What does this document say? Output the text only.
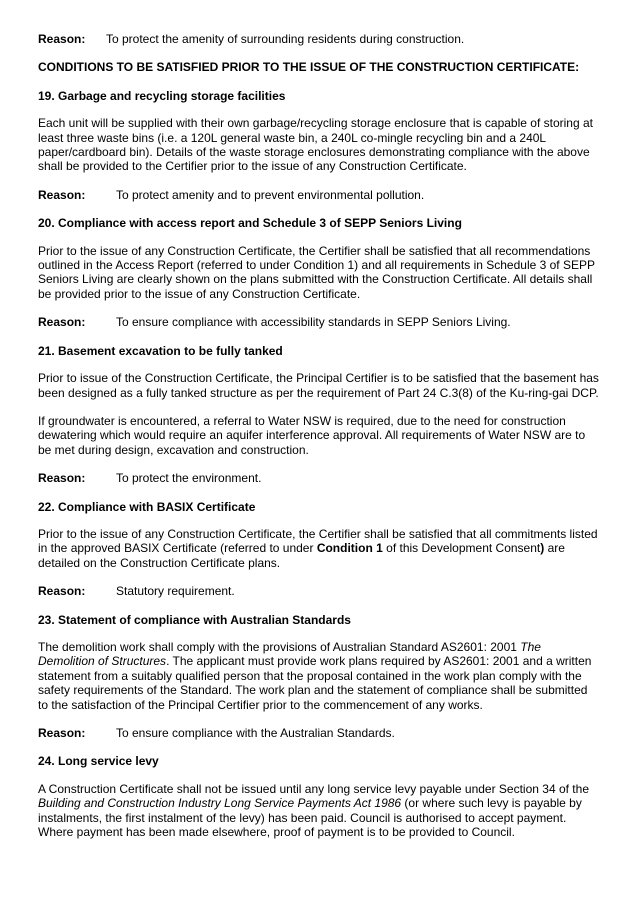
Reason:	To protect the amenity of surrounding residents during construction.
CONDITIONS TO BE SATISFIED PRIOR TO THE ISSUE OF THE CONSTRUCTION CERTIFICATE:
19. Garbage and recycling storage facilities

Each unit will be supplied with their own garbage/recycling storage enclosure that is capable of storing at least three waste bins (i.e. a 120L general waste bin, a 240L co-mingle recycling bin and a 240L paper/cardboard bin). Details of the waste storage enclosures demonstrating compliance with the above shall be provided to the Certifier prior to the issue of any Construction Certificate.

Reason:	To protect amenity and to prevent environmental pollution.
20. Compliance with access report and Schedule 3 of SEPP Seniors Living

Prior to the issue of any Construction Certificate, the Certifier shall be satisfied that all recommendations outlined in the Access Report (referred to under Condition 1) and all requirements in Schedule 3 of SEPP Seniors Living are clearly shown on the plans submitted with the Construction Certificate. All details shall be provided prior to the issue of any Construction Certificate.

Reason:	To ensure compliance with accessibility standards in SEPP Seniors Living.
21. Basement excavation to be fully tanked

Prior to issue of the Construction Certificate, the Principal Certifier is to be satisfied that the basement has been designed as a fully tanked structure as per the requirement of Part 24 C.3(8) of the Ku-ring-gai DCP.

If groundwater is encountered, a referral to Water NSW is required, due to the need for construction dewatering which would require an aquifer interference approval. All requirements of Water NSW are to be met during design, excavation and construction.

Reason:	To protect the environment.
22. Compliance with BASIX Certificate

Prior to the issue of any Construction Certificate, the Certifier shall be satisfied that all commitments listed in the approved BASIX Certificate (referred to under Condition 1 of this Development Consent) are detailed on the Construction Certificate plans.

Reason:	Statutory requirement.
23. Statement of compliance with Australian Standards

The demolition work shall comply with the provisions of Australian Standard AS2601: 2001 The Demolition of Structures. The applicant must provide work plans required by AS2601: 2001 and a written statement from a suitably qualified person that the proposal contained in the work plan comply with the safety requirements of the Standard. The work plan and the statement of compliance shall be submitted to the satisfaction of the Principal Certifier prior to the commencement of any works.

Reason:	To ensure compliance with the Australian Standards.
24. Long service levy

A Construction Certificate shall not be issued until any long service levy payable under Section 34 of the Building and Construction Industry Long Service Payments Act 1986 (or where such levy is payable by instalments, the first instalment of the levy) has been paid. Council is authorised to accept payment. Where payment has been made elsewhere, proof of payment is to be provided to Council.
